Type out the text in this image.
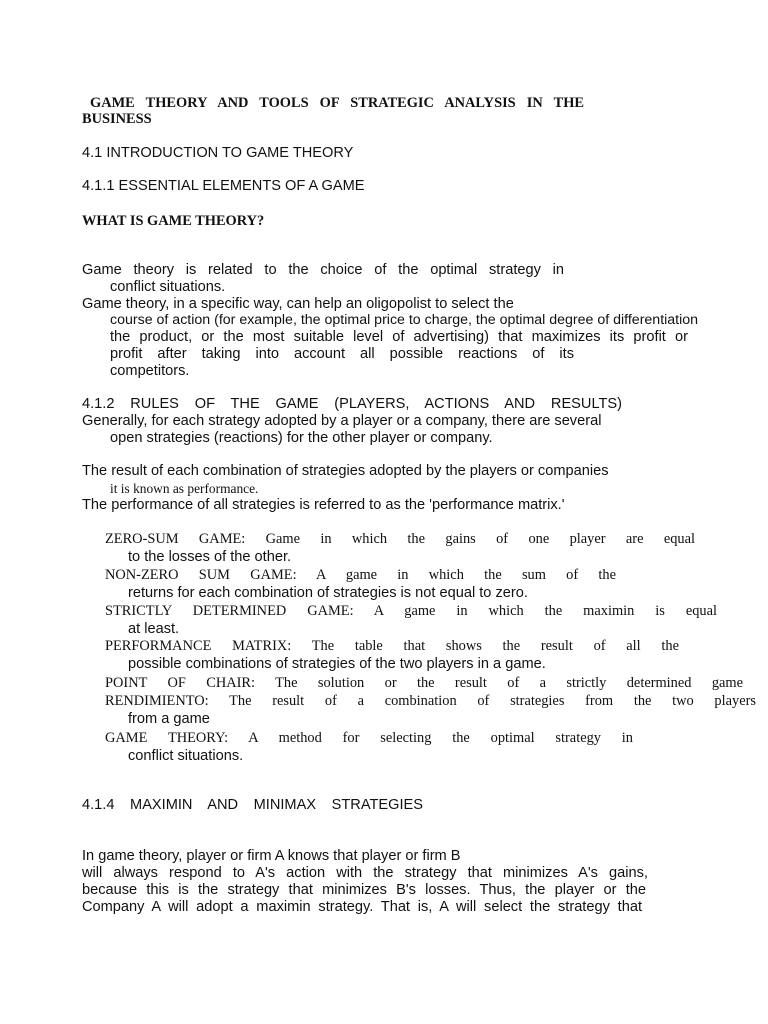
GAME THEORY AND TOOLS OF STRATEGIC ANALYSIS IN THE
BUSINESS
4.1 INTRODUCTION TO GAME THEORY
4.1.1 ESSENTIAL ELEMENTS OF A GAME
WHAT IS GAME THEORY?
Game theory is related to the choice of the optimal strategy in
conflict situations.
Game theory, in a specific way, can help an oligopolist to select the
course of action (for example, the optimal price to charge, the optimal degree of differentiation
the product, or the most suitable level of advertising) that maximizes its profit or
profit after taking into account all possible reactions of its
competitors.
4.1.2 RULES OF THE GAME (PLAYERS, ACTIONS AND RESULTS)
Generally, for each strategy adopted by a player or a company, there are several
open strategies (reactions) for the other player or company.
The result of each combination of strategies adopted by the players or companies
it is known as performance.
The performance of all strategies is referred to as the 'performance matrix.'
ZERO-SUM GAME: Game in which the gains of one player are equal
to the losses of the other.
NON-ZERO SUM GAME: A game in which the sum of the
returns for each combination of strategies is not equal to zero.
STRICTLY DETERMINED GAME: A game in which the maximin is equal
at least.
PERFORMANCE MATRIX: The table that shows the result of all the
possible combinations of strategies of the two players in a game.
POINT OF CHAIR: The solution or the result of a strictly determined game
RENDIMIENTO: The result of a combination of strategies from the two players
from a game
GAME THEORY: A method for selecting the optimal strategy in
conflict situations.
4.1.4 MAXIMIN AND MINIMAX STRATEGIES
In game theory, player or firm A knows that player or firm B
will always respond to A's action with the strategy that minimizes A's gains,
because this is the strategy that minimizes B's losses. Thus, the player or the
Company A will adopt a maximin strategy. That is, A will select the strategy that
